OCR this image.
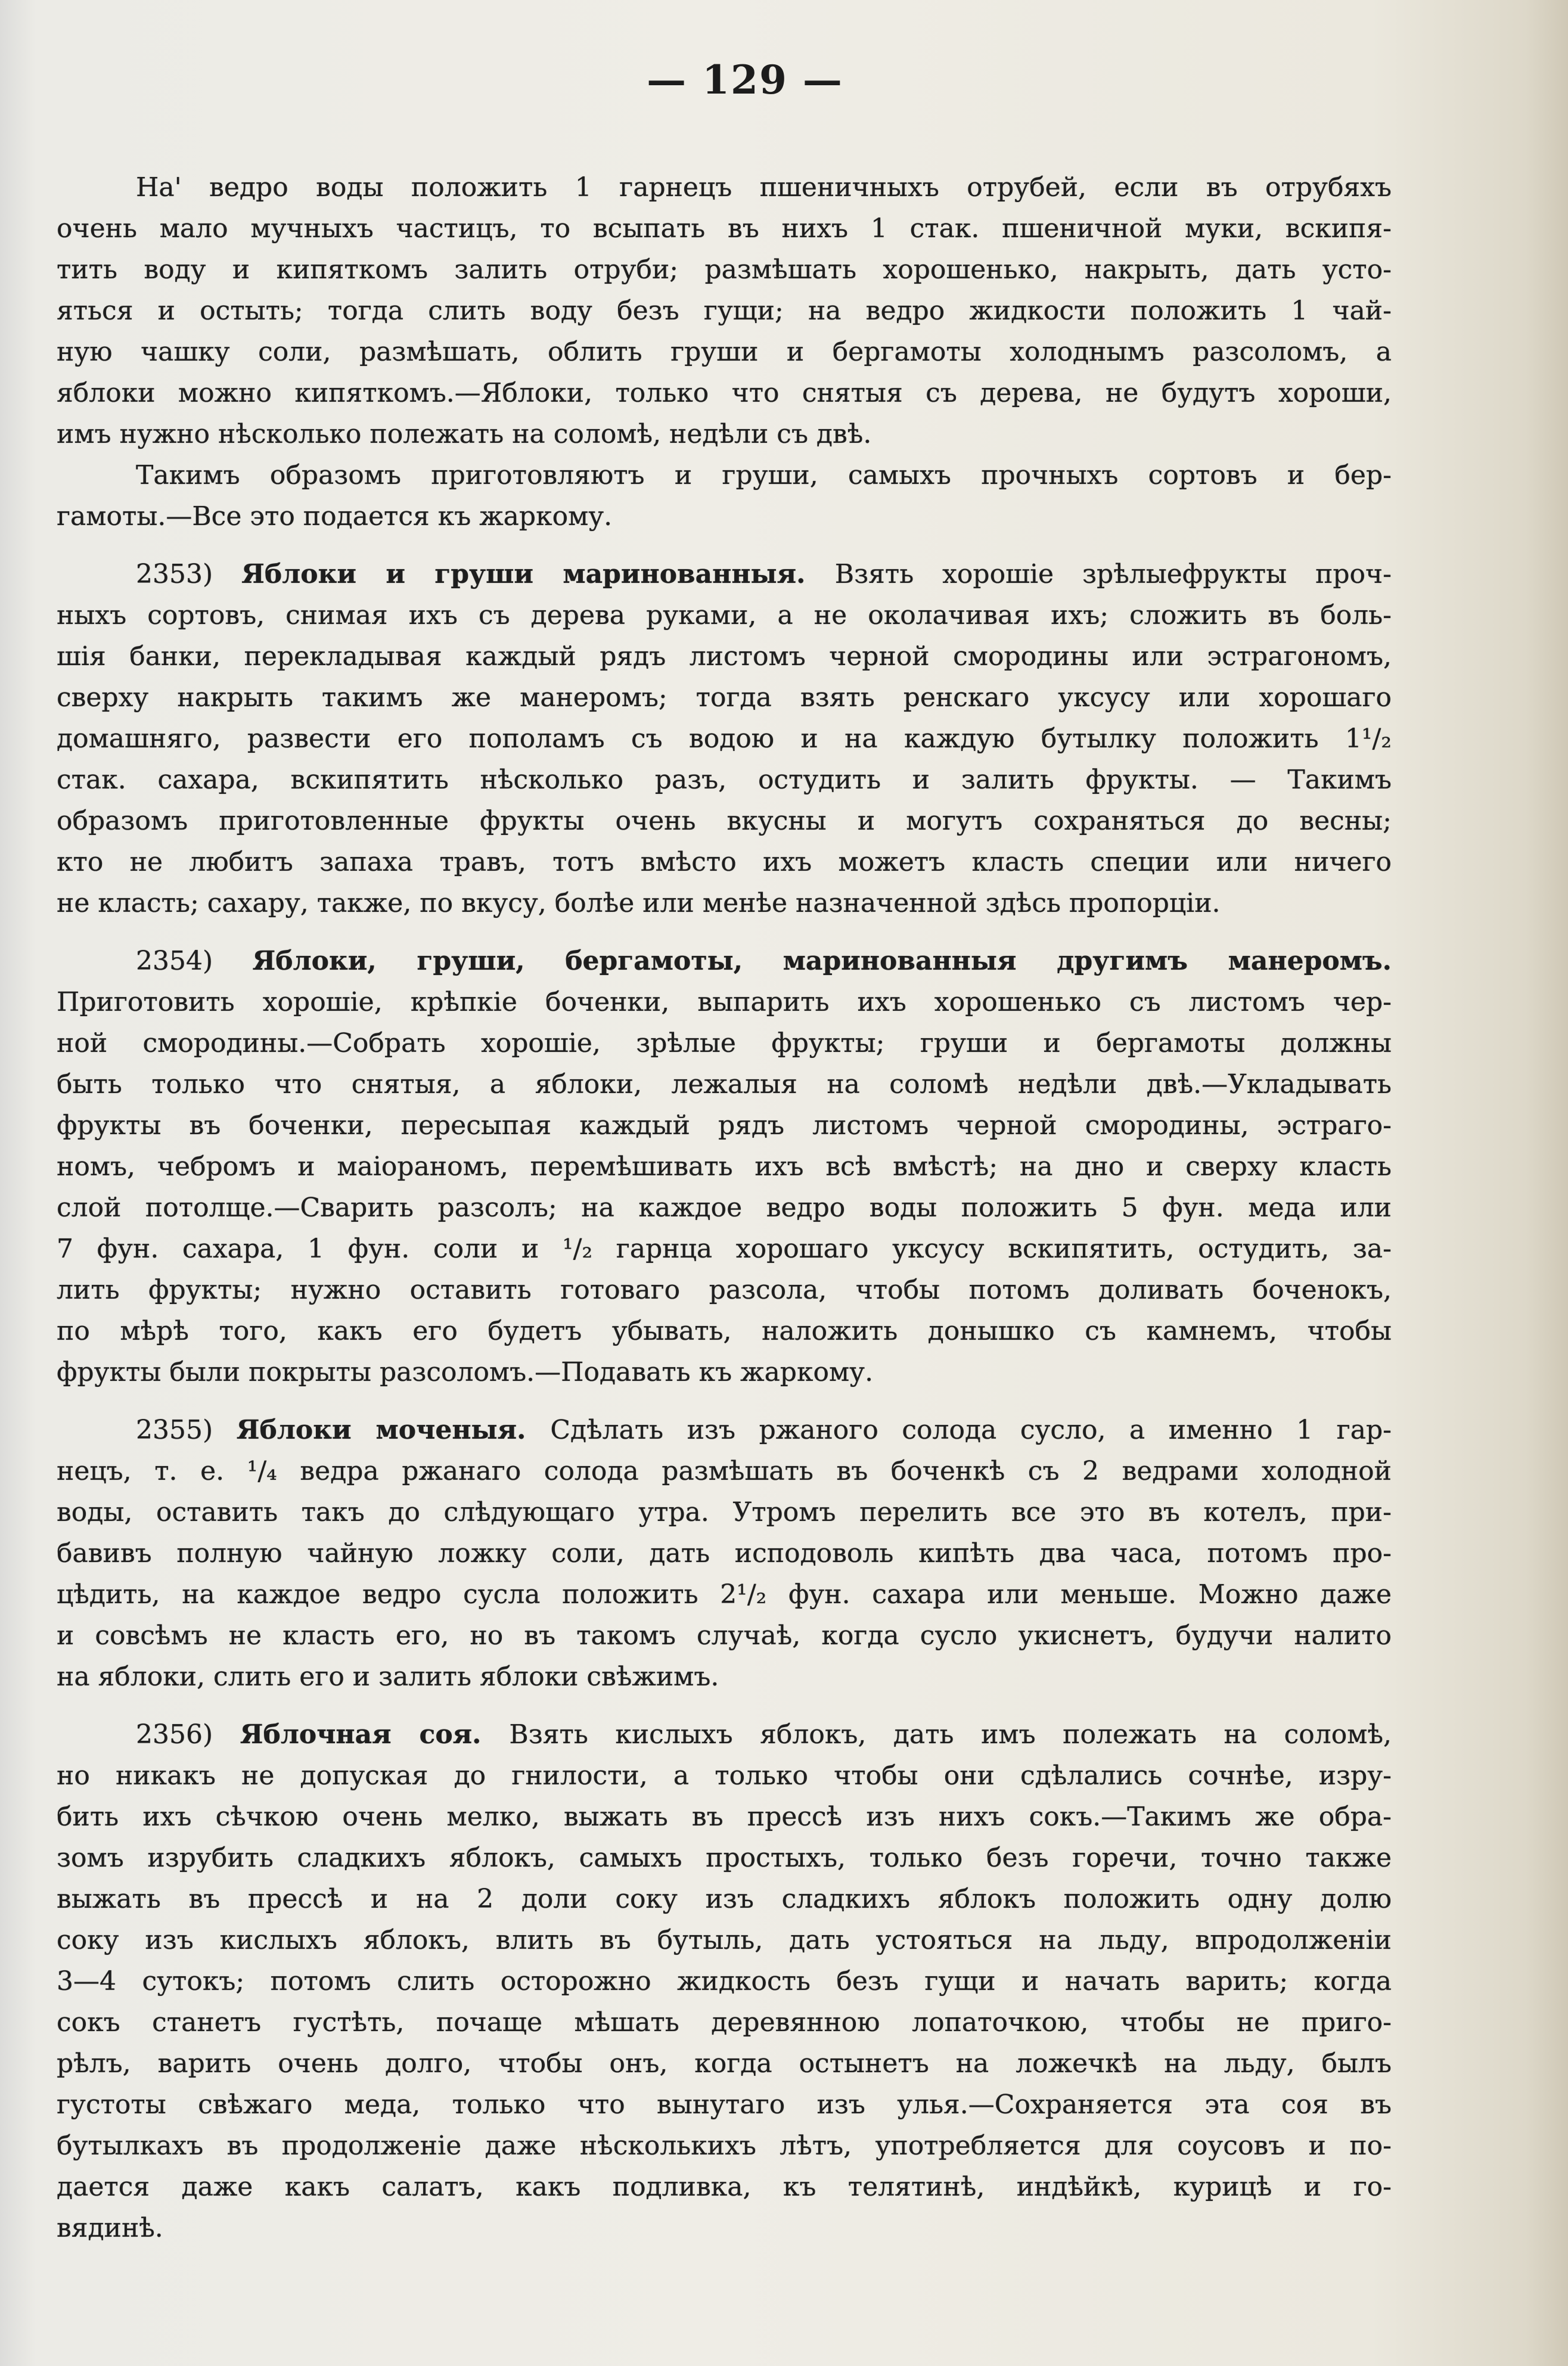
— 129 —
На' ведро воды положить 1 гарнецъ пшеничныхъ отрубей, если въ отрубяхъ
очень мало мучныхъ частицъ, то всыпать въ нихъ 1 стак. пшеничной муки, вскипя-
тить воду и кипяткомъ залить отруби; размѣшать хорошенько, накрыть, дать усто-
яться и остыть; тогда слить воду безъ гущи; на ведро жидкости положить 1 чай-
ную чашку соли, размѣшать, облить груши и бергамоты холоднымъ разсоломъ, а
яблоки можно кипяткомъ.—Яблоки, только что снятыя съ дерева, не будутъ хороши,
имъ нужно нѣсколько полежать на соломѣ, недѣли съ двѣ.
Такимъ образомъ приготовляютъ и груши, самыхъ прочныхъ сортовъ и бер-
гамоты.—Все это подается къ жаркому.
2353) Яблоки и груши маринованныя. Взять хорошіе зрѣлыефрукты проч-
ныхъ сортовъ, снимая ихъ съ дерева руками, а не околачивая ихъ; сложить въ боль-
шія банки, перекладывая каждый рядъ листомъ черной смородины или эстрагономъ,
сверху накрыть такимъ же манеромъ; тогда взять ренскаго уксусу или хорошаго
домашняго, развести его пополамъ съ водою и на каждую бутылку положить 1¹/₂
стак. сахара, вскипятить нѣсколько разъ, остудить и залить фрукты. — Такимъ
образомъ приготовленные фрукты очень вкусны и могутъ сохраняться до весны;
кто не любитъ запаха травъ, тотъ вмѣсто ихъ можетъ класть специи или ничего
не класть; сахару, также, по вкусу, болѣе или менѣе назначенной здѣсь пропорціи.
2354) Яблоки, груши, бергамоты, маринованныя другимъ манеромъ.
Приготовить хорошіе, крѣпкіе боченки, выпарить ихъ хорошенько съ листомъ чер-
ной смородины.—Собрать хорошіе, зрѣлые фрукты; груши и бергамоты должны
быть только что снятыя, а яблоки, лежалыя на соломѣ недѣли двѣ.—Укладывать
фрукты въ боченки, пересыпая каждый рядъ листомъ черной смородины, эстраго-
номъ, чебромъ и маіораномъ, перемѣшивать ихъ всѣ вмѣстѣ; на дно и сверху класть
слой потолще.—Сварить разсолъ; на каждое ведро воды положить 5 фун. меда или
7 фун. сахара, 1 фун. соли и ¹/₂ гарнца хорошаго уксусу вскипятить, остудить, за-
лить фрукты; нужно оставить готоваго разсола, чтобы потомъ доливать боченокъ,
по мѣрѣ того, какъ его будетъ убывать, наложить донышко съ камнемъ, чтобы
фрукты были покрыты разсоломъ.—Подавать къ жаркому.
2355) Яблоки моченыя. Сдѣлать изъ ржаного солода сусло, а именно 1 гар-
нецъ, т. е. ¹/₄ ведра ржанаго солода размѣшать въ боченкѣ съ 2 ведрами холодной
воды, оставить такъ до слѣдующаго утра. Утромъ перелить все это въ котелъ, при-
бавивъ полную чайную ложку соли, дать исподоволь кипѣть два часа, потомъ про-
цѣдить, на каждое ведро сусла положить 2¹/₂ фун. сахара или меньше. Можно даже
и совсѣмъ не класть его, но въ такомъ случаѣ, когда сусло укиснетъ, будучи налито
на яблоки, слить его и залить яблоки свѣжимъ.
2356) Яблочная соя. Взять кислыхъ яблокъ, дать имъ полежать на соломѣ,
но никакъ не допуская до гнилости, а только чтобы они сдѣлались сочнѣе, изру-
бить ихъ сѣчкою очень мелко, выжать въ прессѣ изъ нихъ сокъ.—Такимъ же обра-
зомъ изрубить сладкихъ яблокъ, самыхъ простыхъ, только безъ горечи, точно также
выжать въ прессѣ и на 2 доли соку изъ сладкихъ яблокъ положить одну долю
соку изъ кислыхъ яблокъ, влить въ бутыль, дать устояться на льду, впродолженіи
3—4 сутокъ; потомъ слить осторожно жидкость безъ гущи и начать варить; когда
сокъ станетъ густѣть, почаще мѣшать деревянною лопаточкою, чтобы не приго-
рѣлъ, варить очень долго, чтобы онъ, когда остынетъ на ложечкѣ на льду, былъ
густоты свѣжаго меда, только что вынутаго изъ улья.—Сохраняется эта соя въ
бутылкахъ въ продолженіе даже нѣсколькихъ лѣтъ, употребляется для соусовъ и по-
дается даже какъ салатъ, какъ подливка, къ телятинѣ, индѣйкѣ, курицѣ и го-
вядинѣ.
